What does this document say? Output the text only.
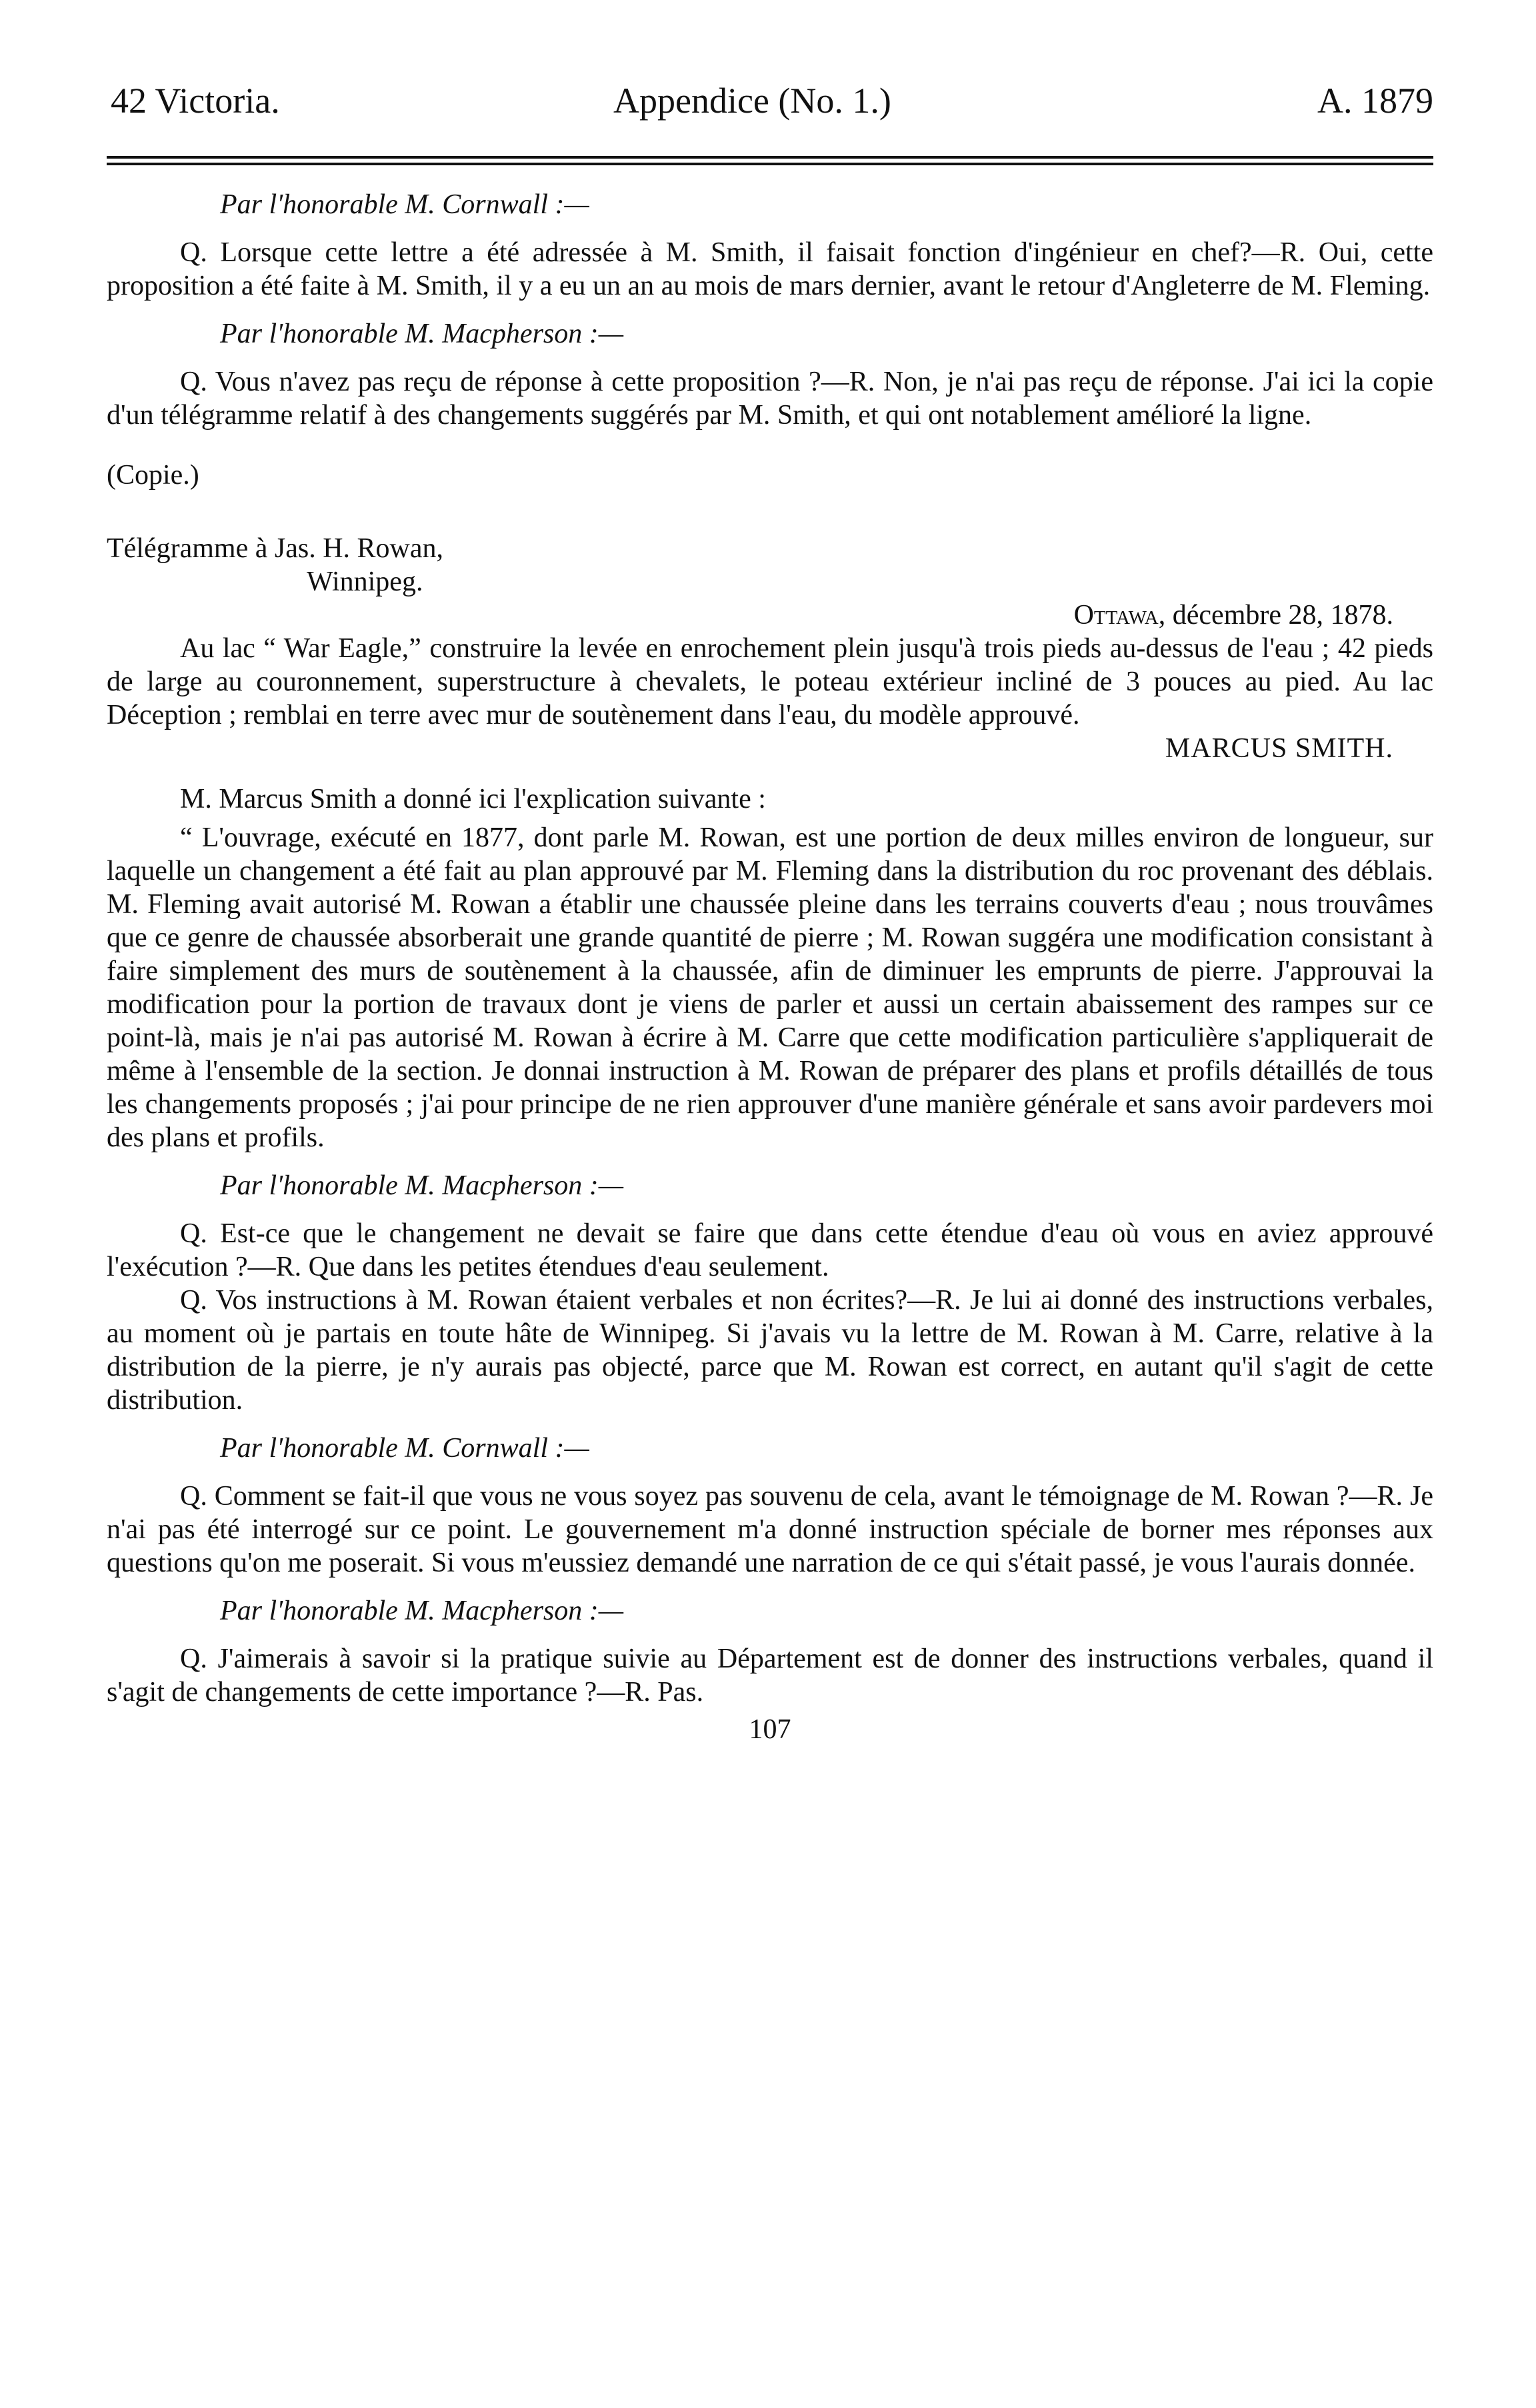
42 Victoria.	Appendice (No. 1.)	A. 1879

Par l'honorable M. Cornwall :—

Q. Lorsque cette lettre a été adressée à M. Smith, il faisait fonction d'ingénieur en chef?—R. Oui, cette proposition a été faite à M. Smith, il y a eu un an au mois de mars dernier, avant le retour d'Angleterre de M. Fleming.

Par l'honorable M. Macpherson :—

Q. Vous n'avez pas reçu de réponse à cette proposition ?—R. Non, je n'ai pas reçu de réponse. J'ai ici la copie d'un télégramme relatif à des changements suggérés par M. Smith, et qui ont notablement amélioré la ligne.

(Copie.)

Télégramme à Jas. H. Rowan,

Winnipeg.

Ottawa, décembre 28, 1878.

Au lac “ War Eagle,” construire la levée en enrochement plein jusqu'à trois pieds au-dessus de l'eau ; 42 pieds de large au couronnement, superstructure à chevalets, le poteau extérieur incliné de 3 pouces au pied. Au lac Déception ; remblai en terre avec mur de soutènement dans l'eau, du modèle approuvé.

MARCUS SMITH.

M. Marcus Smith a donné ici l'explication suivante :

“ L'ouvrage, exécuté en 1877, dont parle M. Rowan, est une portion de deux milles environ de longueur, sur laquelle un changement a été fait au plan approuvé par M. Fleming dans la distribution du roc provenant des déblais. M. Fleming avait autorisé M. Rowan a établir une chaussée pleine dans les terrains couverts d'eau ; nous trouvâmes que ce genre de chaussée absorberait une grande quantité de pierre ; M. Rowan suggéra une modification consistant à faire simplement des murs de soutènement à la chaussée, afin de diminuer les emprunts de pierre. J'approuvai la modification pour la portion de travaux dont je viens de parler et aussi un certain abaissement des rampes sur ce point-là, mais je n'ai pas autorisé M. Rowan à écrire à M. Carre que cette modification particulière s'appliquerait de même à l'ensemble de la section. Je donnai instruction à M. Rowan de préparer des plans et profils détaillés de tous les changements proposés ; j'ai pour principe de ne rien approuver d'une manière générale et sans avoir pardevers moi des plans et profils.

Par l'honorable M. Macpherson :—

Q. Est-ce que le changement ne devait se faire que dans cette étendue d'eau où vous en aviez approuvé l'exécution ?—R. Que dans les petites étendues d'eau seulement.

Q. Vos instructions à M. Rowan étaient verbales et non écrites?—R. Je lui ai donné des instructions verbales, au moment où je partais en toute hâte de Winnipeg. Si j'avais vu la lettre de M. Rowan à M. Carre, relative à la distribution de la pierre, je n'y aurais pas objecté, parce que M. Rowan est correct, en autant qu'il s'agit de cette distribution.

Par l'honorable M. Cornwall :—

Q. Comment se fait-il que vous ne vous soyez pas souvenu de cela, avant le témoignage de M. Rowan ?—R. Je n'ai pas été interrogé sur ce point. Le gouvernement m'a donné instruction spéciale de borner mes réponses aux questions qu'on me poserait. Si vous m'eussiez demandé une narration de ce qui s'était passé, je vous l'aurais donnée.

Par l'honorable M. Macpherson :—

Q. J'aimerais à savoir si la pratique suivie au Département est de donner des instructions verbales, quand il s'agit de changements de cette importance ?—R. Pas.

107
